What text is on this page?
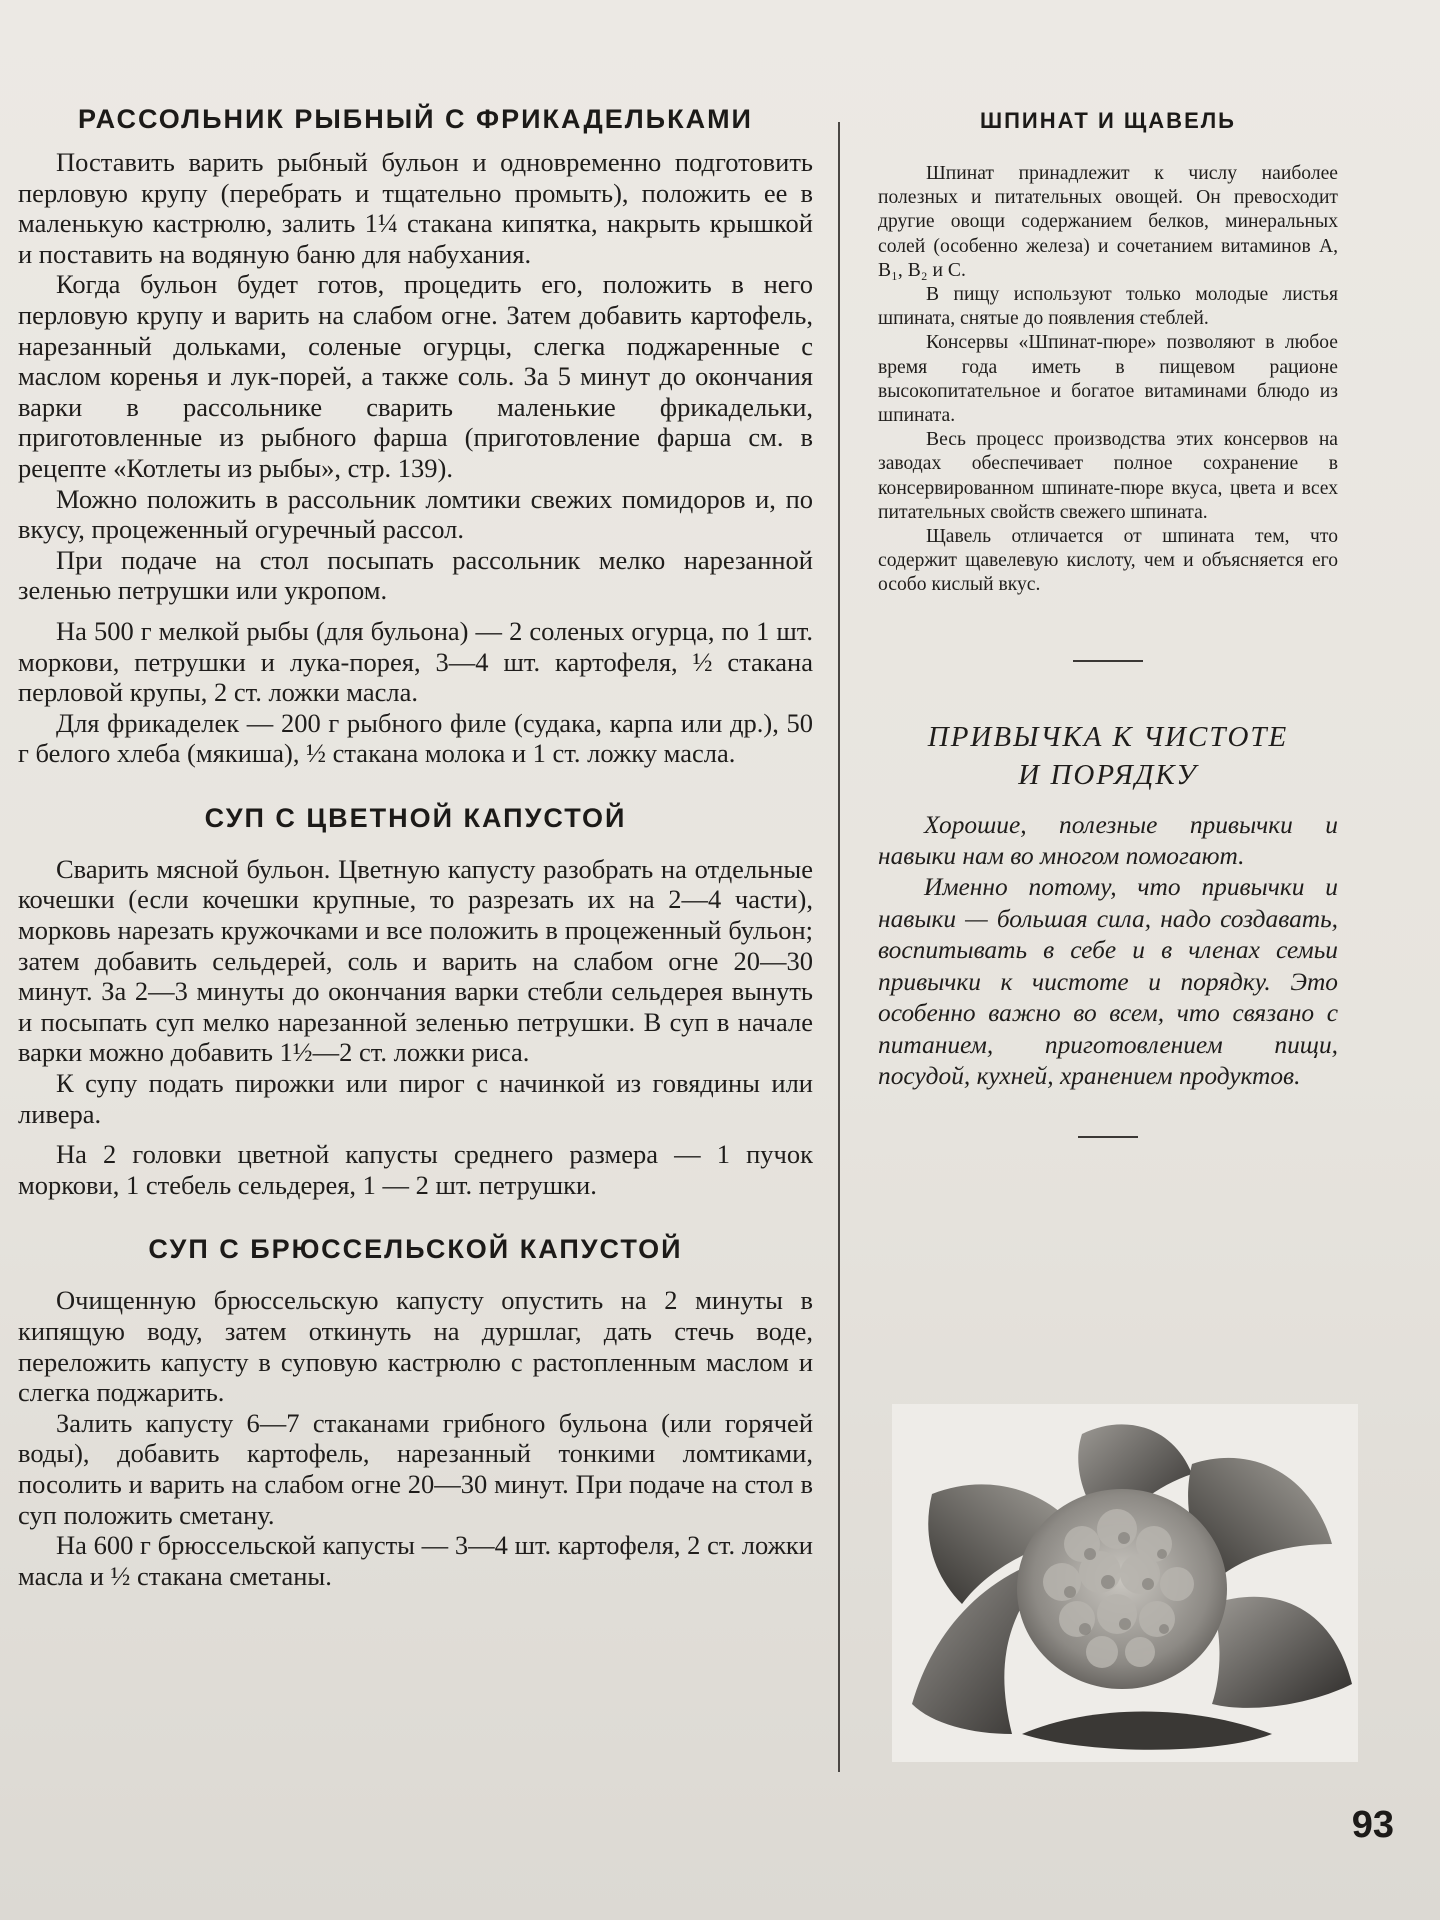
РАССОЛЬНИК РЫБНЫЙ С ФРИКАДЕЛЬКАМИ

Поставить варить рыбный бульон и одновременно подготовить перловую крупу (перебрать и тщательно промыть), положить ее в маленькую кастрюлю, залить 1¼ стакана кипятка, накрыть крышкой и поставить на водяную баню для набухания.

Когда бульон будет готов, процедить его, положить в него перловую крупу и варить на слабом огне. Затем добавить картофель, нарезанный дольками, соленые огурцы, слегка поджаренные с маслом коренья и лук-порей, а также соль. За 5 минут до окончания варки в рассольнике сварить маленькие фрикадельки, приготовленные из рыбного фарша (приготовление фарша см. в рецепте «Котлеты из рыбы», стр. 139).

Можно положить в рассольник ломтики свежих помидоров и, по вкусу, процеженный огуречный рассол.

При подаче на стол посыпать рассольник мелко нарезанной зеленью петрушки или укропом.

На 500 г мелкой рыбы (для бульона) — 2 соленых огурца, по 1 шт. моркови, петрушки и лука-порея, 3—4 шт. картофеля, ½ стакана перловой крупы, 2 ст. ложки масла.

Для фрикаделек — 200 г рыбного филе (судака, карпа или др.), 50 г белого хлеба (мякиша), ½ стакана молока и 1 ст. ложку масла.

СУП С ЦВЕТНОЙ КАПУСТОЙ

Сварить мясной бульон. Цветную капусту разобрать на отдельные кочешки (если кочешки крупные, то разрезать их на 2—4 части), морковь нарезать кружочками и все положить в процеженный бульон; затем добавить сельдерей, соль и варить на слабом огне 20—30 минут. За 2—3 минуты до окончания варки стебли сельдерея вынуть и посыпать суп мелко нарезанной зеленью петрушки. В суп в начале варки можно добавить 1½—2 ст. ложки риса.

К супу подать пирожки или пирог с начинкой из говядины или ливера.

На 2 головки цветной капусты среднего размера — 1 пучок моркови, 1 стебель сельдерея, 1 — 2 шт. петрушки.

СУП С БРЮССЕЛЬСКОЙ КАПУСТОЙ

Очищенную брюссельскую капусту опустить на 2 минуты в кипящую воду, затем откинуть на дуршлаг, дать стечь воде, переложить капусту в суповую кастрюлю с растопленным маслом и слегка поджарить.

Залить капусту 6—7 стаканами грибного бульона (или горячей воды), добавить картофель, нарезанный тонкими ломтиками, посолить и варить на слабом огне 20—30 минут. При подаче на стол в суп положить сметану.

На 600 г брюссельской капусты — 3—4 шт. картофеля, 2 ст. ложки масла и ½ стакана сметаны.

ШПИНАТ И ЩАВЕЛЬ

Шпинат принадлежит к числу наиболее полезных и питательных овощей. Он превосходит другие овощи содержанием белков, минеральных солей (особенно железа) и сочетанием витаминов A, B₁, B₂ и C.

В пищу используют только молодые листья шпината, снятые до появления стеблей.

Консервы «Шпинат-пюре» позволяют в любое время года иметь в пищевом рационе высокопитательное и богатое витаминами блюдо из шпината.

Весь процесс производства этих консервов на заводах обеспечивает полное сохранение в консервированном шпинате-пюре вкуса, цвета и всех питательных свойств свежего шпината.

Щавель отличается от шпината тем, что содержит щавелевую кислоту, чем и объясняется его особо кислый вкус.

ПРИВЫЧКА К ЧИСТОТЕ
И ПОРЯДКУ

Хорошие, полезные привычки и навыки нам во многом помогают.

Именно потому, что привычки и навыки — большая сила, надо создавать, воспитывать в себе и в членах семьи привычки к чистоте и порядку. Это особенно важно во всем, что связано с питанием, приготовлением пищи, посудой, кухней, хранением продуктов.

93
